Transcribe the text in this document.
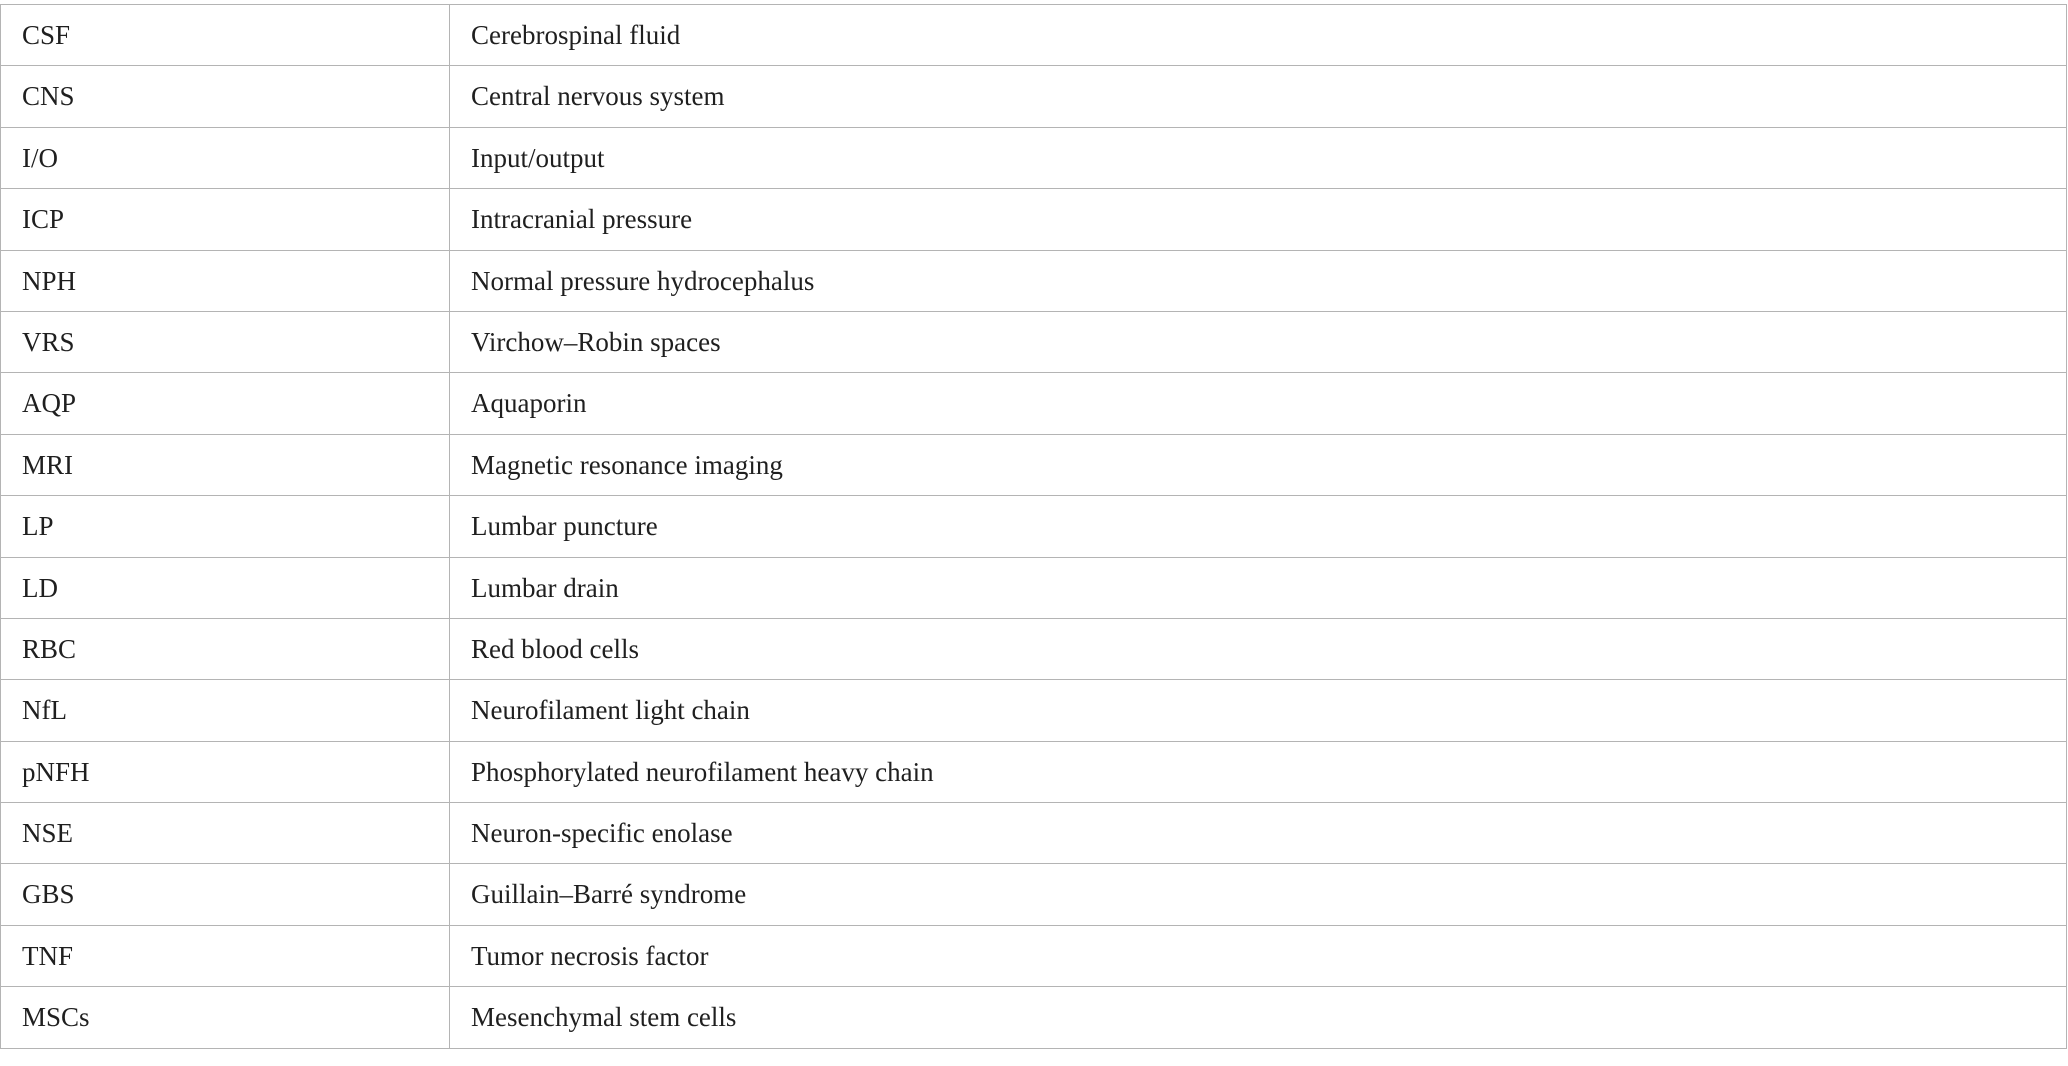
CSF	Cerebrospinal fluid
CNS	Central nervous system
I/O	Input/output
ICP	Intracranial pressure
NPH	Normal pressure hydrocephalus
VRS	Virchow–Robin spaces
AQP	Aquaporin
MRI	Magnetic resonance imaging
LP	Lumbar puncture
LD	Lumbar drain
RBC	Red blood cells
NfL	Neurofilament light chain
pNFH	Phosphorylated neurofilament heavy chain
NSE	Neuron-specific enolase
GBS	Guillain–Barré syndrome
TNF	Tumor necrosis factor
MSCs	Mesenchymal stem cells
